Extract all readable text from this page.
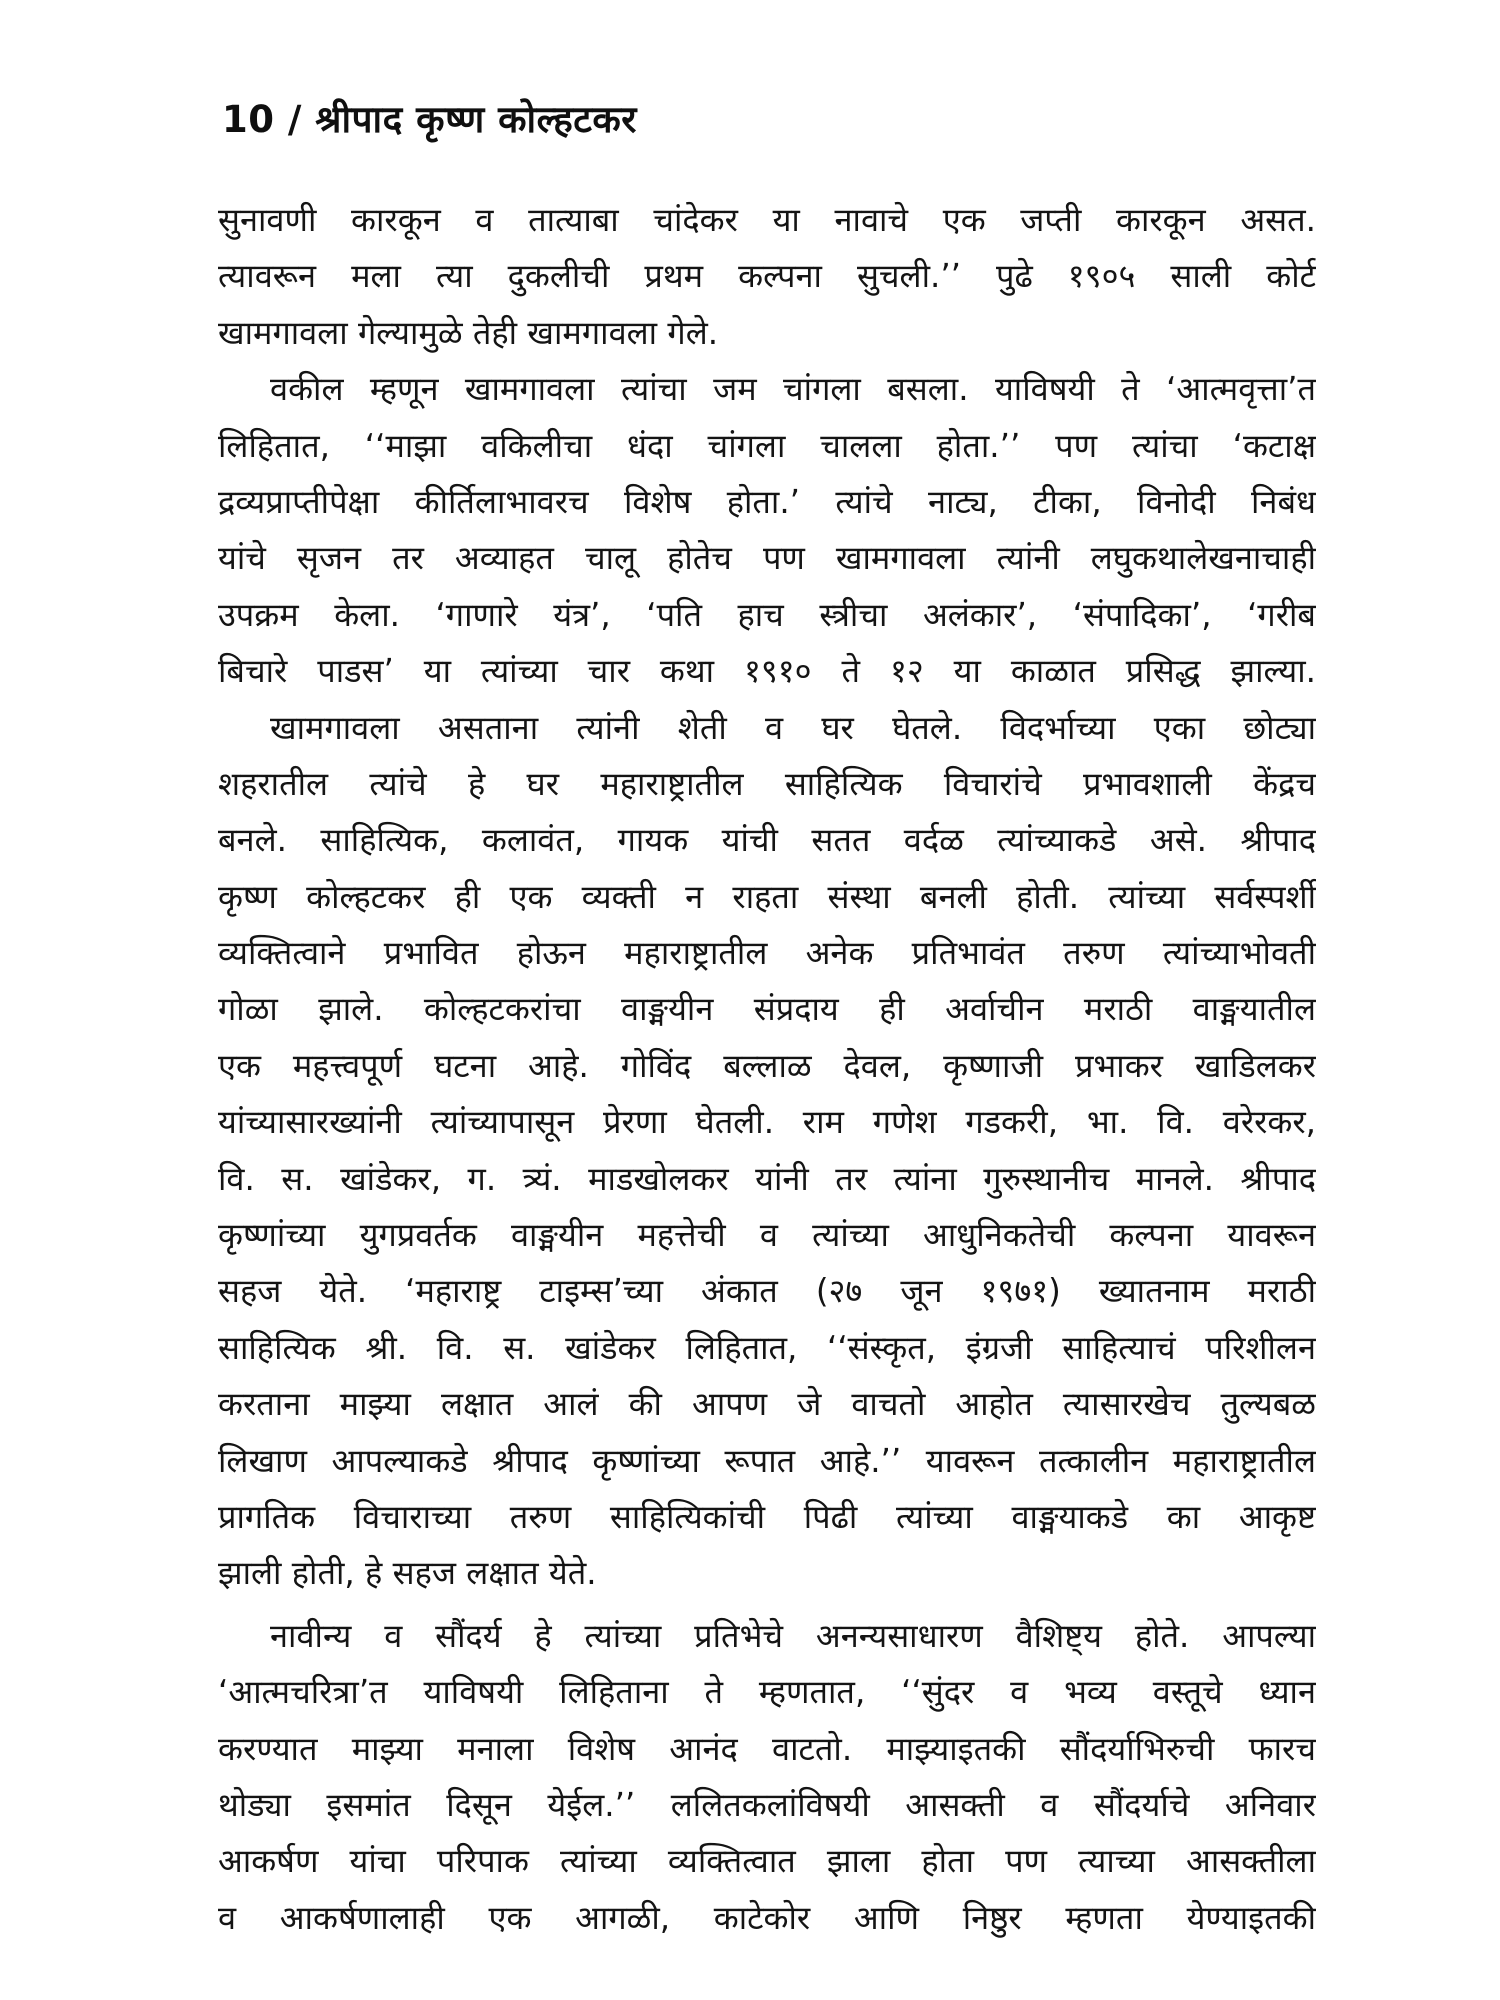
10 / श्रीपाद कृष्ण कोल्हटकर
सुनावणी कारकून व तात्याबा चांदेकर या नावाचे एक जप्ती कारकून असत.
त्यावरून मला त्या दुकलीची प्रथम कल्पना सुचली.’’ पुढे १९०५ साली कोर्ट
खामगावला गेल्यामुळे तेही खामगावला गेले.
वकील म्हणून खामगावला त्यांचा जम चांगला बसला. याविषयी ते ‘आत्मवृत्ता’त
लिहितात, ‘‘माझा वकिलीचा धंदा चांगला चालला होता.’’ पण त्यांचा ‘कटाक्ष
द्रव्यप्राप्तीपेक्षा कीर्तिलाभावरच विशेष होता.’ त्यांचे नाट्य, टीका, विनोदी निबंध
यांचे सृजन तर अव्याहत चालू होतेच पण खामगावला त्यांनी लघुकथालेखनाचाही
उपक्रम केला. ‘गाणारे यंत्र’, ‘पति हाच स्त्रीचा अलंकार’, ‘संपादिका’, ‘गरीब
बिचारे पाडस’ या त्यांच्या चार कथा १९१० ते १२ या काळात प्रसिद्ध झाल्या.
खामगावला असताना त्यांनी शेती व घर घेतले. विदर्भाच्या एका छोट्या
शहरातील त्यांचे हे घर महाराष्ट्रातील साहित्यिक विचारांचे प्रभावशाली केंद्रच
बनले. साहित्यिक, कलावंत, गायक यांची सतत वर्दळ त्यांच्याकडे असे. श्रीपाद
कृष्ण कोल्हटकर ही एक व्यक्ती न राहता संस्था बनली होती. त्यांच्या सर्वस्पर्शी
व्यक्तित्वाने प्रभावित होऊन महाराष्ट्रातील अनेक प्रतिभावंत तरुण त्यांच्याभोवती
गोळा झाले. कोल्हटकरांचा वाङ्मयीन संप्रदाय ही अर्वाचीन मराठी वाङ्मयातील
एक महत्त्वपूर्ण घटना आहे. गोविंद बल्लाळ देवल, कृष्णाजी प्रभाकर खाडिलकर
यांच्यासारख्यांनी त्यांच्यापासून प्रेरणा घेतली. राम गणेश गडकरी, भा. वि. वरेरकर,
वि. स. खांडेकर, ग. त्र्यं. माडखोलकर यांनी तर त्यांना गुरुस्थानीच मानले. श्रीपाद
कृष्णांच्या युगप्रवर्तक वाङ्मयीन महत्तेची व त्यांच्या आधुनिकतेची कल्पना यावरून
सहज येते. ‘महाराष्ट्र टाइम्स’च्या अंकात (२७ जून १९७१) ख्यातनाम मराठी
साहित्यिक श्री. वि. स. खांडेकर लिहितात, ‘‘संस्कृत, इंग्रजी साहित्याचं परिशीलन
करताना माझ्या लक्षात आलं की आपण जे वाचतो आहोत त्यासारखेच तुल्यबळ
लिखाण आपल्याकडे श्रीपाद कृष्णांच्या रूपात आहे.’’ यावरून तत्कालीन महाराष्ट्रातील
प्रागतिक विचाराच्या तरुण साहित्यिकांची पिढी त्यांच्या वाङ्मयाकडे का आकृष्ट
झाली होती, हे सहज लक्षात येते.
नावीन्य व सौंदर्य हे त्यांच्या प्रतिभेचे अनन्यसाधारण वैशिष्ट्य होते. आपल्या
‘आत्मचरित्रा’त याविषयी लिहिताना ते म्हणतात, ‘‘सुंदर व भव्य वस्तूचे ध्यान
करण्यात माझ्या मनाला विशेष आनंद वाटतो. माझ्याइतकी सौंदर्याभिरुची फारच
थोड्या इसमांत दिसून येईल.’’ ललितकलांविषयी आसक्ती व सौंदर्याचे अनिवार
आकर्षण यांचा परिपाक त्यांच्या व्यक्तित्वात झाला होता पण त्याच्या आसक्तीला
व आकर्षणालाही एक आगळी, काटेकोर आणि निष्ठुर म्हणता येण्याइतकी
